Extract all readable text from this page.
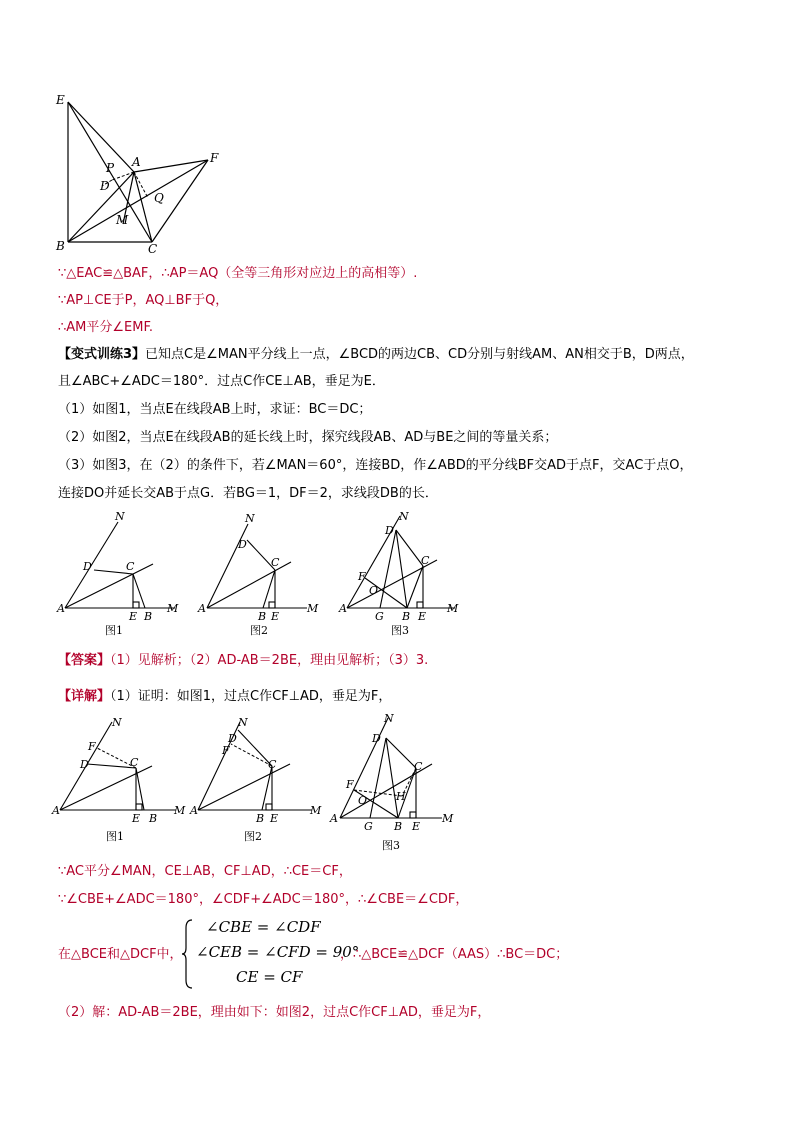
E
A	F
P
D
Q
M
B	C
∵△EAC≌△BAF，∴AP＝AQ（全等三角形对应边上的高相等）.
∵AP⊥CE于P，AQ⊥BF于Q，
∴AM平分∠EMF.
【变式训练3】已知点C是∠MAN平分线上一点，∠BCD的两边CB、CD分别与射线AM、AN相交于B，D两点，
且∠ABC+∠ADC＝180°．过点C作CE⊥AB，垂足为E．
（1）如图1，当点E在线段AB上时，求证：BC＝DC；
（2）如图2，当点E在线段AB的延长线上时，探究线段AB、AD与BE之间的等量关系；
（3）如图3，在（2）的条件下，若∠MAN＝60°，连接BD，作∠ABD的平分线BF交AD于点F，交AC于点O，
连接DO并延长交AB于点G．若BG＝1，DF＝2，求线段DB的长．
N
D	C
A
E B
M
N
D
C
A
B E
M
N
D
C
F
O
A
G B E
M
图1	图2	图3
【答案】（1）见解析；（2）AD-AB＝2BE，理由见解析；（3）3.
【详解】（1）证明：如图1，过点C作CF⊥AD，垂足为F，
N
F
D	C
A
E B
M
N
F
D
C
A
B E
M
N
D
C
F
O	H
A
G B E
M
图1	图2
图3
∵AC平分∠MAN，CE⊥AB，CF⊥AD，∴CE＝CF，
∵∠CBE+∠ADC＝180°，∠CDF+∠ADC＝180°，∴∠CBE＝∠CDF，
在△BCE和△DCF中，
∠CBE = ∠CDF
∠CEB = ∠CFD = 90°
CE = CF
，∴△BCE≌△DCF（AAS）∴BC＝DC；
（2）解：AD-AB＝2BE，理由如下：如图2，过点C作CF⊥AD，垂足为F，
